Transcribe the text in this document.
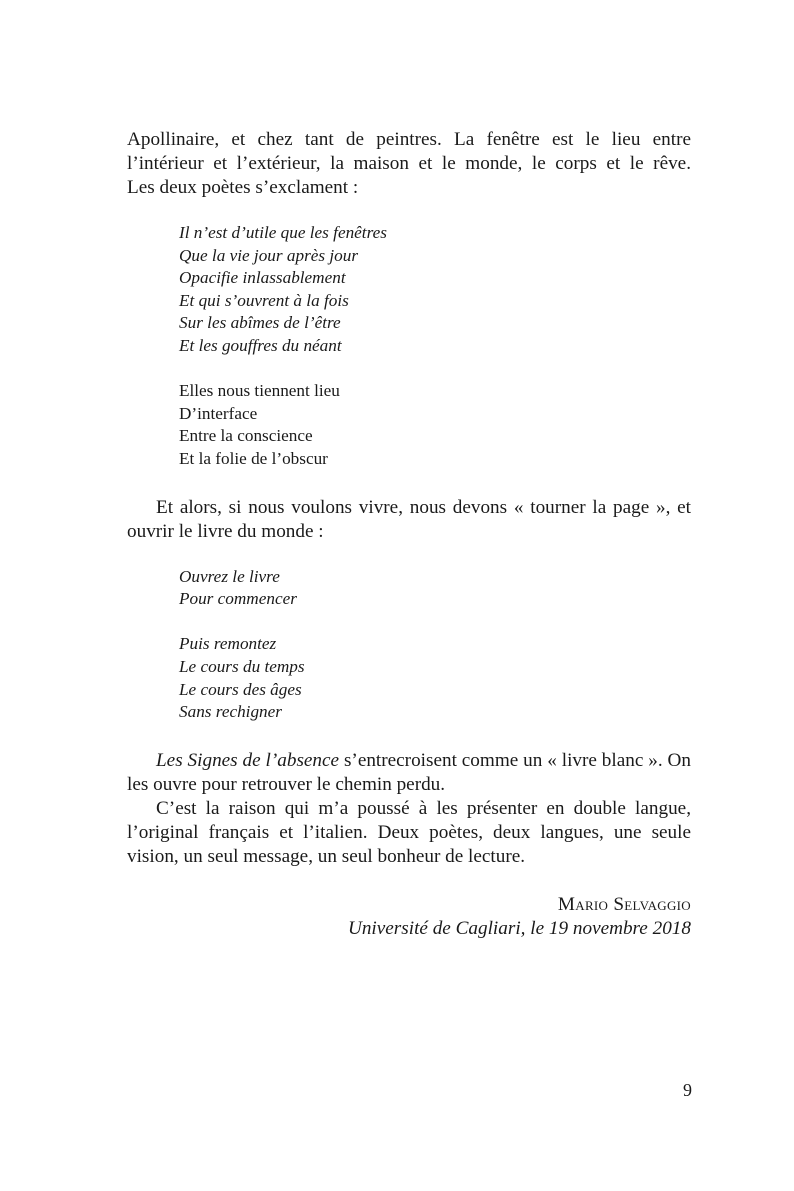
Apollinaire, et chez tant de peintres. La fenêtre est le lieu entre
l’intérieur et l’extérieur, la maison et le monde, le corps et le rêve.
Les deux poètes s’exclament :

Il n’est d’utile que les fenêtres
Que la vie jour après jour
Opacifie inlassablement
Et qui s’ouvrent à la fois
Sur les abîmes de l’être
Et les gouffres du néant
Elles nous tiennent lieu
D’interface
Entre la conscience
Et la folie de l’obscur

Et alors, si nous voulons vivre, nous devons « tourner la page », et ouvrir le livre du monde :

Ouvrez le livre
Pour commencer
Puis remontez
Le cours du temps
Le cours des âges
Sans rechigner

Les Signes de l’absence s’entrecroisent comme un « livre blanc ». On les ouvre pour retrouver le chemin perdu.

C’est la raison qui m’a poussé à les présenter en double langue, l’original français et l’italien. Deux poètes, deux langues, une seule vision, un seul message, un seul bonheur de lecture.

Mario Selvaggio
Université de Cagliari, le 19 novembre 2018
9
